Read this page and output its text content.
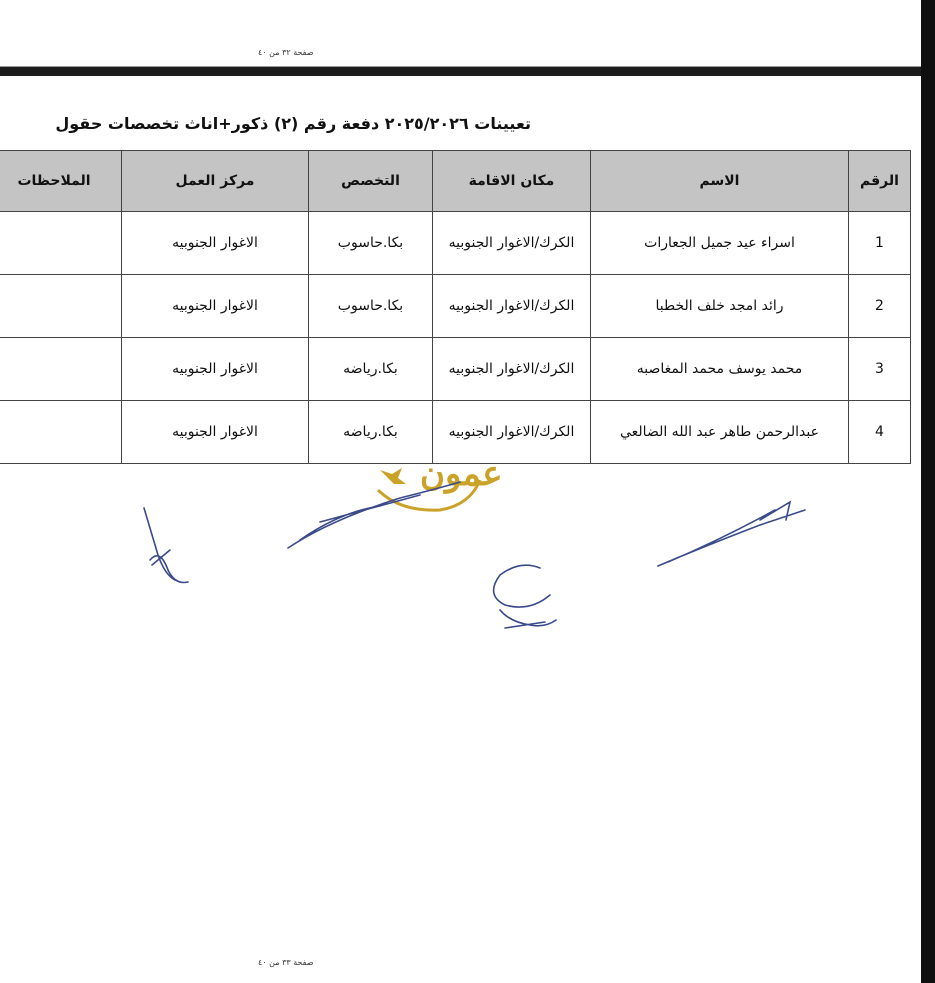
صفحة ٣٢ من ٤٠
تعيينات ٢٠٢٥/٢٠٢٦ دفعة رقم (٢) ذكور+اناث تخصصات حقول
الرقم	الاسم	مكان الاقامة	التخصص	مركز العمل	الملاحظات
1	اسراء عيد جميل الجعارات	الكرك/الاغوار الجنوبيه	بكا.حاسوب	الاغوار الجنوبيه	
2	رائد امجد خلف الخطبا	الكرك/الاغوار الجنوبيه	بكا.حاسوب	الاغوار الجنوبيه	
3	محمد يوسف محمد المغاصبه	الكرك/الاغوار الجنوبيه	بكا.رياضه	الاغوار الجنوبيه	
4	عبدالرحمن طاهر عبد الله الضالعي	الكرك/الاغوار الجنوبيه	بكا.رياضه	الاغوار الجنوبيه	
عمون
صفحة ٣٣ من ٤٠
